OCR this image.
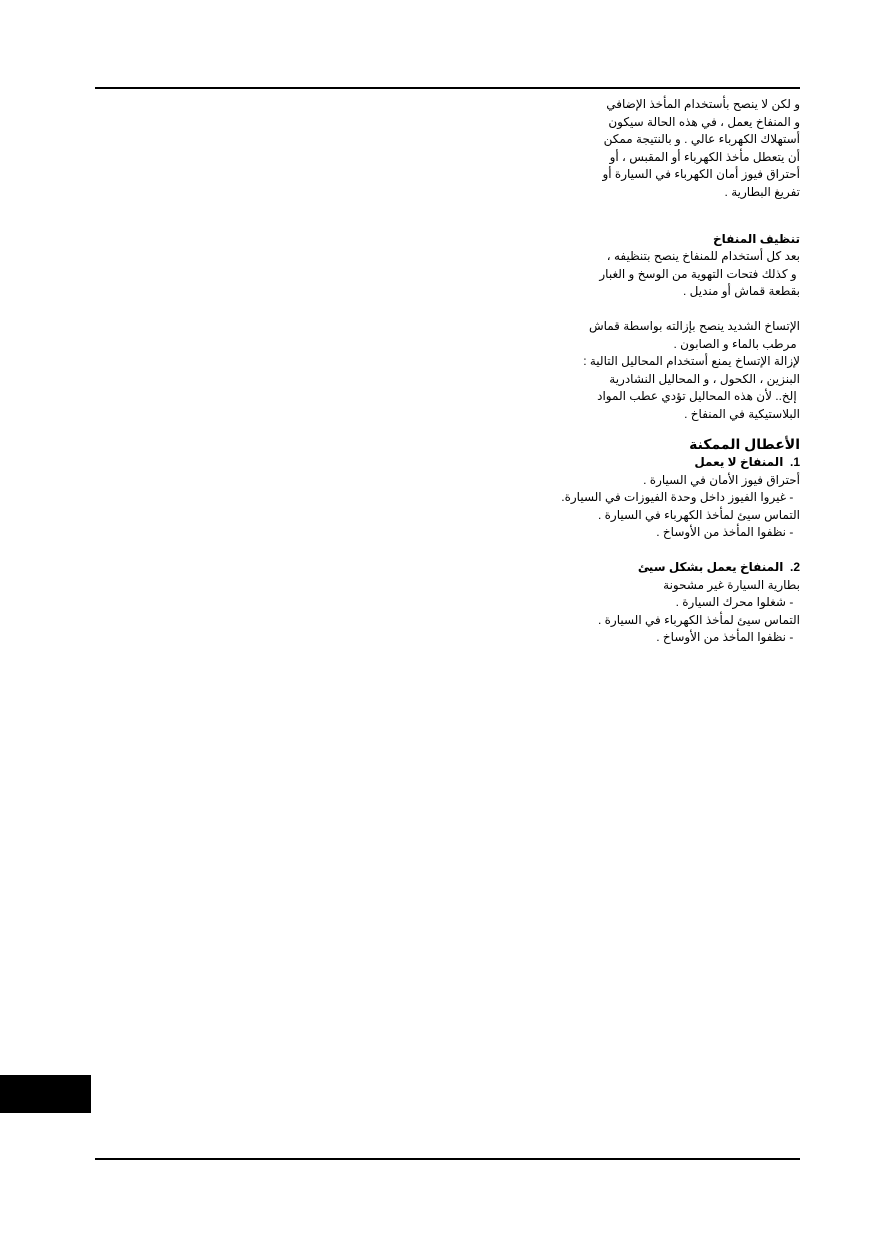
و لكن لا ينصح بأستخدام المأخذ الإضافي

و المنفاخ يعمل ، في هذه الحالة سيكون

أستهلاك الكهرباء عالي . و بالنتيجة ممكن

أن يتعطل مأخذ الكهرباء أو المقبس ، أو

أحتراق فيوز أمان الكهرباء في السيارة أو

تفريغ البطارية .

تنظيف المنفاخ

بعد كل أستخدام للمنفاخ ينصح بتنظيفه ،

و كذلك فتحات التهوية من الوسخ و الغبار

بقطعة قماش أو منديل .

الإتساخ الشديد ينصح بإزالته بواسطة قماش

مرطب بالماء و الصابون .

لإزالة الإتساخ يمنع أستخدام المحاليل التالية :

البنزين ، الكحول ، و المحاليل النشادرية

إلخ.. لأن هذه المحاليل تؤدي عطب المواد

البلاستيكية في المنفاخ .

الأعطال الممكنة
1.  المنفاخ لا يعمل

أحتراق فيوز الأمان في السيارة .

- غيروا الفيوز داخل وحدة الفيوزات في السيارة.

التماس سيئ لمأخذ الكهرباء في السيارة .

- نظفوا المأخذ من الأوساخ .

2.  المنفاخ يعمل بشكل سيئ

بطارية السيارة غير مشحونة

- شغلوا محرك السيارة .

التماس سيئ لمأخذ الكهرباء في السيارة .

- نظفوا المأخذ من الأوساخ .
